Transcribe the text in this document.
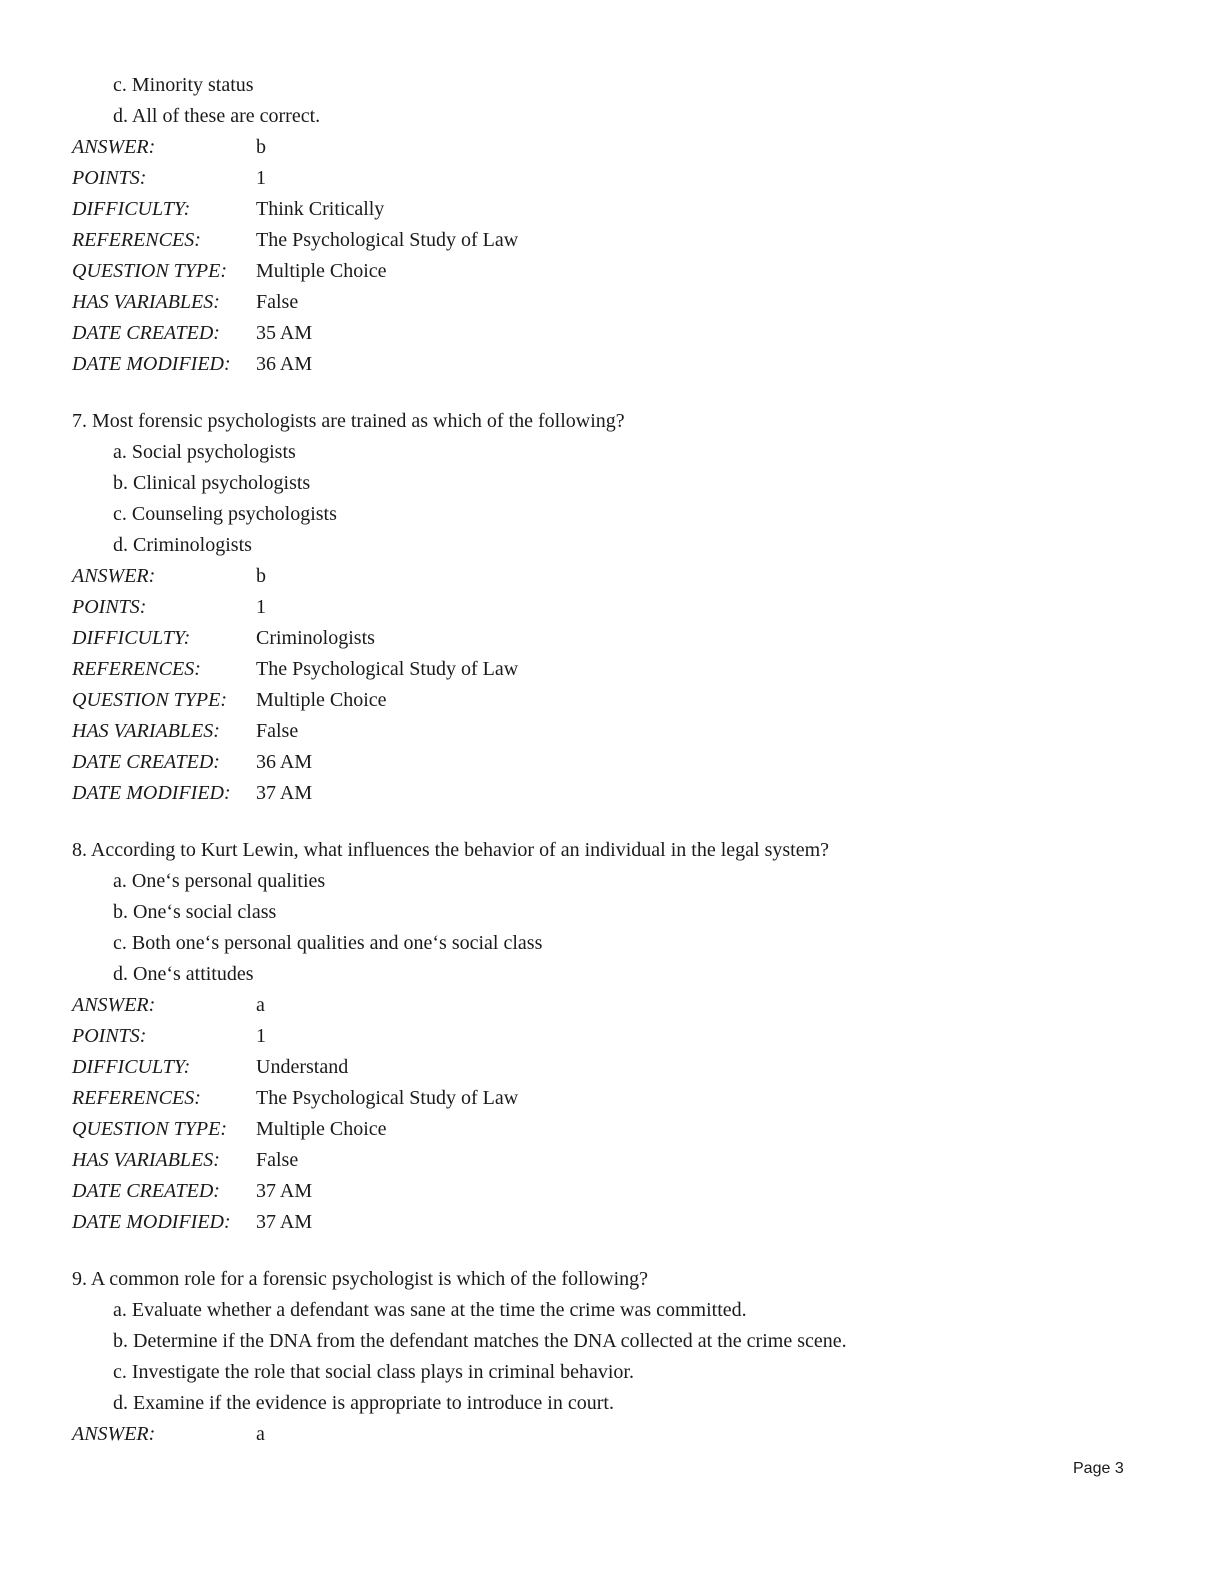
c. Minority status
d. All of these are correct.
ANSWER:	b
POINTS:	1
DIFFICULTY:	Think Critically
REFERENCES:	The Psychological Study of Law
QUESTION TYPE:	Multiple Choice
HAS VARIABLES:	False
DATE CREATED:	35 AM
DATE MODIFIED:	36 AM
7. Most forensic psychologists are trained as which of the following?
a. Social psychologists
b. Clinical psychologists
c. Counseling psychologists
d. Criminologists
ANSWER:	b
POINTS:	1
DIFFICULTY:	Criminologists
REFERENCES:	The Psychological Study of Law
QUESTION TYPE:	Multiple Choice
HAS VARIABLES:	False
DATE CREATED:	36 AM
DATE MODIFIED:	37 AM
8. According to Kurt Lewin, what influences the behavior of an individual in the legal system?
a. One‘s personal qualities
b. One‘s social class
c. Both one‘s personal qualities and one‘s social class
d. One‘s attitudes
ANSWER:	a
POINTS:	1
DIFFICULTY:	Understand
REFERENCES:	The Psychological Study of Law
QUESTION TYPE:	Multiple Choice
HAS VARIABLES:	False
DATE CREATED:	37 AM
DATE MODIFIED:	37 AM
9. A common role for a forensic psychologist is which of the following?
a. Evaluate whether a defendant was sane at the time the crime was committed.
b. Determine if the DNA from the defendant matches the DNA collected at the crime scene.
c. Investigate the role that social class plays in criminal behavior.
d. Examine if the evidence is appropriate to introduce in court.
ANSWER:	a
Page 3
